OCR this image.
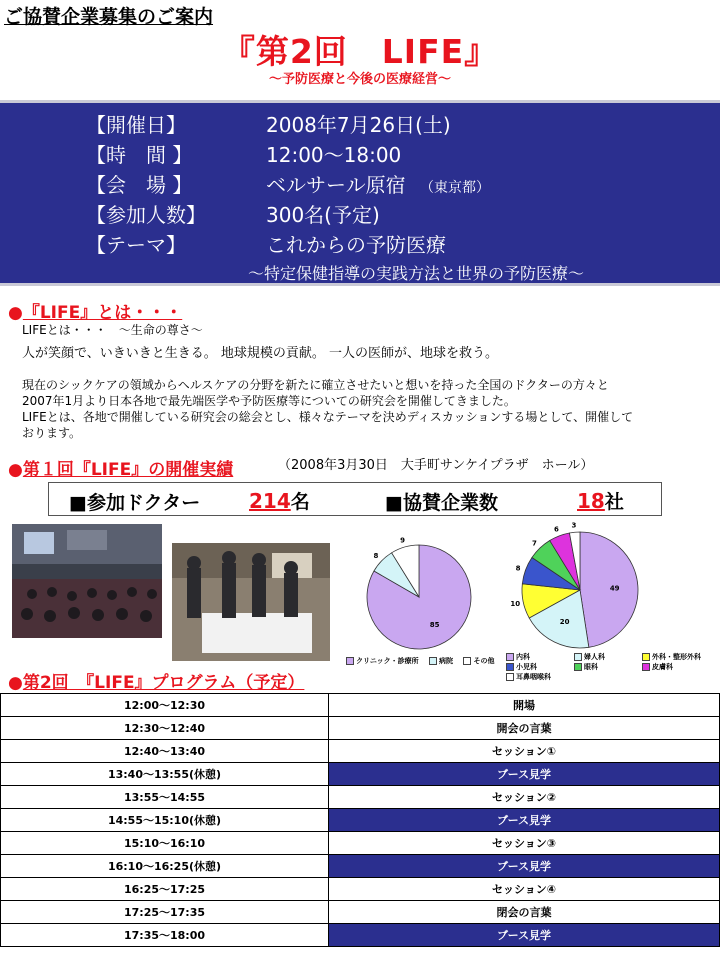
ご協賛企業募集のご案内
『第2回　LIFE』
〜予防医療と今後の医療経営〜
【開催日】	2008年7月26日(土)
【時　間 】	12:00〜18:00
【会　場 】	ベルサール原宿 （東京都）
【参加人数】	300名(予定)
【テーマ】	これからの予防医療
〜特定保健指導の実践方法と世界の予防医療〜
●『LIFE』とは・・・
LIFEとは・・・　〜生命の尊さ〜
人が笑顔で、いきいきと生きる。 地球規模の貢献。 一人の医師が、地球を救う。
現在のシックケアの領域からヘルスケアの分野を新たに確立させたいと想いを持った全国のドクターの方々と
2007年1月より日本各地で最先端医学や予防医療等についての研究会を開催してきました。
LIFEとは、各地で開催している研究会の総会とし、様々なテーマを決めディスカッションする場として、開催して
おります。
●第１回『LIFE』の開催実績	（2008年3月30日　大手町サンケイプラザ　ホール）
■参加ドクター 214名	■協賛企業数	18社
85
8
9
クリニック・診療所	病院	その他
49
20
10
8
7
6
3
内科	婦人科	外科・整形外科
小児科	眼科	皮膚科
耳鼻咽喉科
●第2回　『LIFE』プログラム（予定）
12:00〜12:30	開場
12:30〜12:40	開会の言葉
12:40〜13:40	セッション①
13:40〜13:55(休憩)	ブース見学
13:55〜14:55	セッション②
14:55〜15:10(休憩)	ブース見学
15:10〜16:10	セッション③
16:10〜16:25(休憩)	ブース見学
16:25〜17:25	セッション④
17:25〜17:35	閉会の言葉
17:35〜18:00	ブース見学
